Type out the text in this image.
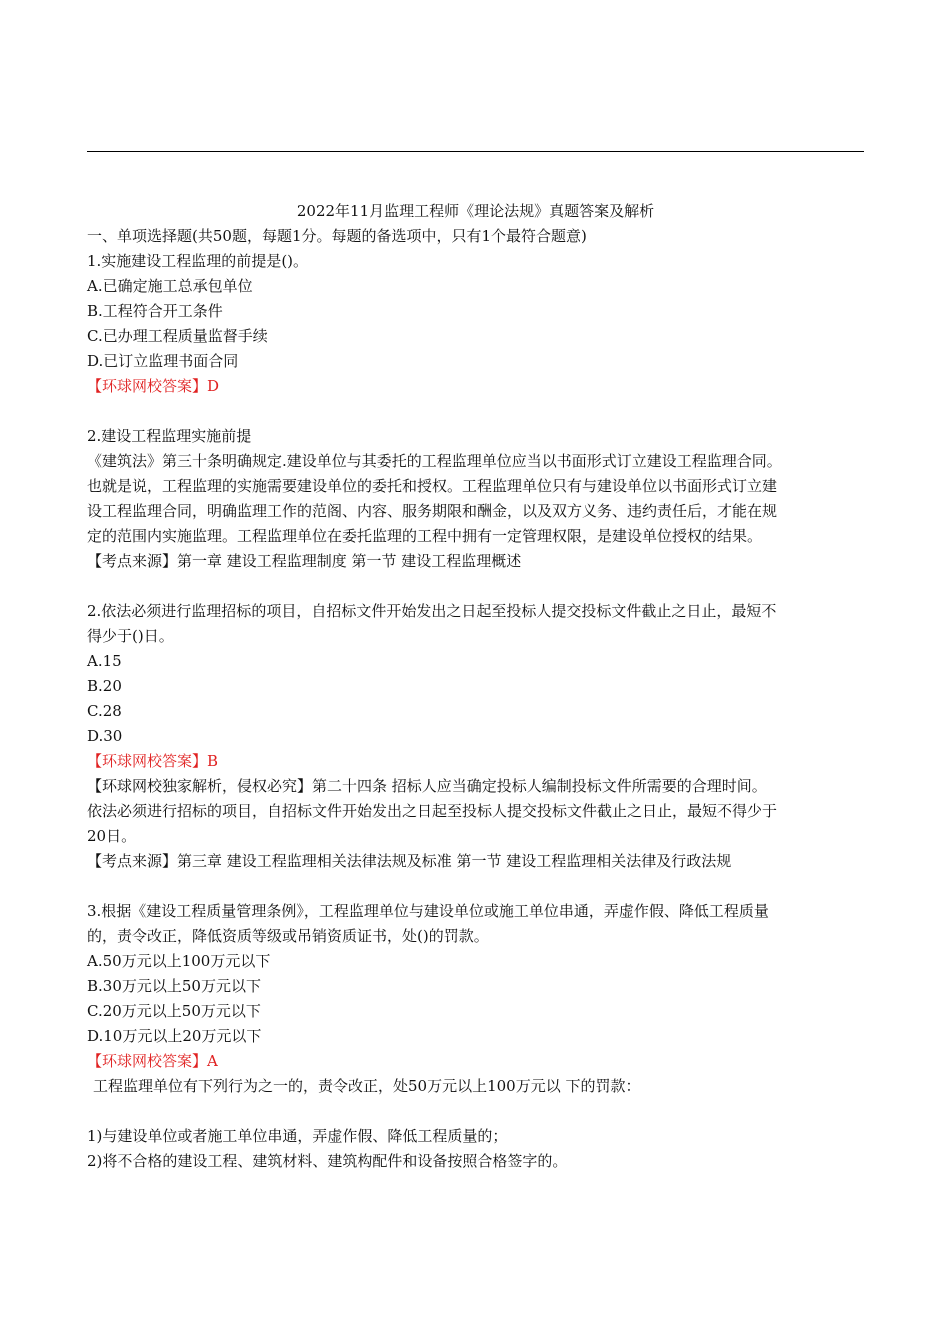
2022年11月监理工程师《理论法规》真题答案及解析
一、单项选择题(共50题，每题1分。每题的备选项中，只有1个最符合题意)
1.实施建设工程监理的前提是()。
A.已确定施工总承包单位
B.工程符合开工条件
C.已办理工程质量监督手续
D.已订立监理书面合同
【环球网校答案】D
2.建设工程监理实施前提
《建筑法》第三十条明确规定.建设单位与其委托的工程监理单位应当以书面形式订立建设工程监理合同。
也就是说，工程监理的实施需要建设单位的委托和授权。工程监理单位只有与建设单位以书面形式订立建
设工程监理合同，明确监理工作的范阁、内容、服务期限和酬金，以及双方义务、违约责任后，才能在规
定的范围内实施监理。工程监理单位在委托监理的工程中拥有一定管理权限，是建设单位授权的结果。
【考点来源】第一章 建设工程监理制度 第一节 建设工程监理概述
2.依法必须进行监理招标的项目，自招标文件开始发出之日起至投标人提交投标文件截止之日止，最短不
得少于()日。
A.15
B.20
C.28
D.30
【环球网校答案】B
【环球网校独家解析，侵权必究】第二十四条 招标人应当确定投标人编制投标文件所需要的合理时间。
依法必须进行招标的项目，自招标文件开始发出之日起至投标人提交投标文件截止之日止，最短不得少于
20日。
【考点来源】第三章 建设工程监理相关法律法规及标准 第一节 建设工程监理相关法律及行政法规
3.根据《建设工程质量管理条例》，工程监理单位与建设单位或施工单位串通，弄虚作假、降低工程质量
的，责令改正，降低资质等级或吊销资质证书，处()的罚款。
A.50万元以上100万元以下
B.30万元以上50万元以下
C.20万元以上50万元以下
D.10万元以上20万元以下
【环球网校答案】A
工程监理单位有下列行为之一的，责令改正，处50万元以上100万元以 下的罚款：
1)与建设单位或者施工单位串通，弄虚作假、降低工程质量的；
2)将不合格的建设工程、建筑材料、建筑构配件和设备按照合格签字的。
